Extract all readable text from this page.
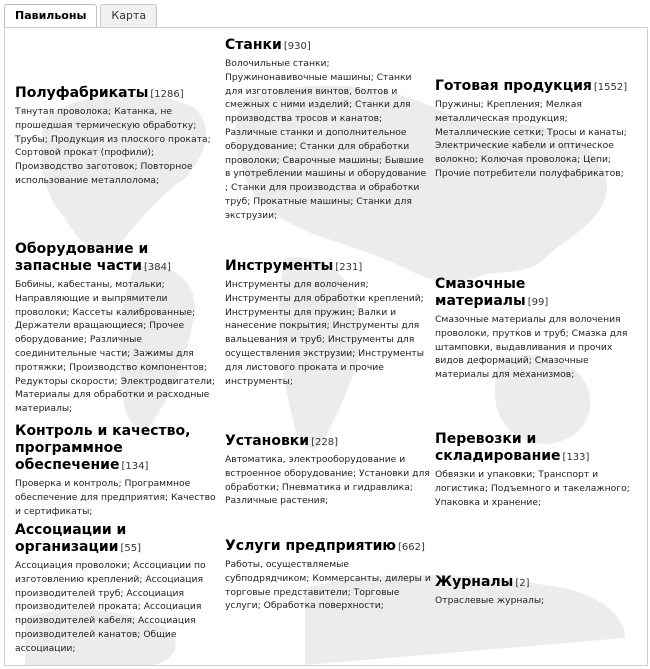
Павильоны	Карта
Полуфабрикаты [1286]

Тянутая проволока; Катанка, не прошедшая термическую обработку; Трубы; Продукция из плоского проката; Сортовой прокат (профили); Производство заготовок; Повторное использование металлолома;

Станки [930]

Волочильные станки; Пружинонавивочные машины; Станки для изготовления винтов, болтов и смежных с ними изделий; Станки для производства тросов и канатов; Различные станки и дополнительное оборудование; Станки для обработки проволоки; Сварочные машины; Бывшие в употреблении машины и оборудование ; Станки для производства и обработки труб; Прокатные машины; Станки для экструзии;

Готовая продукция [1552]

Пружины; Крепления; Мелкая металлическая продукция; Металлические сетки; Тросы и канаты; Электрические кабели и оптическое волокно; Колючая проволока; Цепи; Прочие потребители полуфабрикатов;

Оборудование и запасные части [384]

Бобины, кабестаны, мотальки; Направляющие и выпрямители проволоки; Кассеты калиброванные; Держатели вращающиеся; Прочее оборудование; Различные соединительные части; Зажимы для протяжки; Производство компонентов; Редукторы скорости; Электродвигатели; Материалы для обработки и расходные материалы;

Инструменты [231]

Инструменты для волочения; Инструменты для обработки креплений; Инструменты для пружин; Валки и нанесение покрытия; Инструменты для вальцевания и труб; Инструменты для осуществления экструзии; Инструменты для листового проката и прочие инструменты;

Смазочные материалы [99]

Смазочные материалы для волочения проволоки, прутков и труб; Смазка для штамповки, выдавливания и прочих видов деформаций; Смазочные материалы для механизмов;

Контроль и качество, программное обеспечение [134]

Проверка и контроль; Программное обеспечение для предприятия; Качество и сертификаты;

Установки [228]

Автоматика, электрооборудование и встроенное оборудование; Установки для обработки; Пневматика и гидравлика; Различные растения;

Перевозки и складирование [133]

Обвязки и упаковки; Транспорт и логистика; Подъемного и такелажного; Упаковка и хранение;

Ассоциации и организации [55]

Ассоциация проволоки; Ассоциации по изготовлению креплений; Ассоциация производителей труб; Ассоциация производителей проката; Ассоциация производителей кабеля; Ассоциация производителей канатов; Общие ассоциации;

Услуги предприятию [662]

Работы, осуществляемые субподрядчиком; Коммерсанты, дилеры и торговые представители; Торговые услуги; Обработка поверхности;

Журналы [2]

Отраслевые журналы;
